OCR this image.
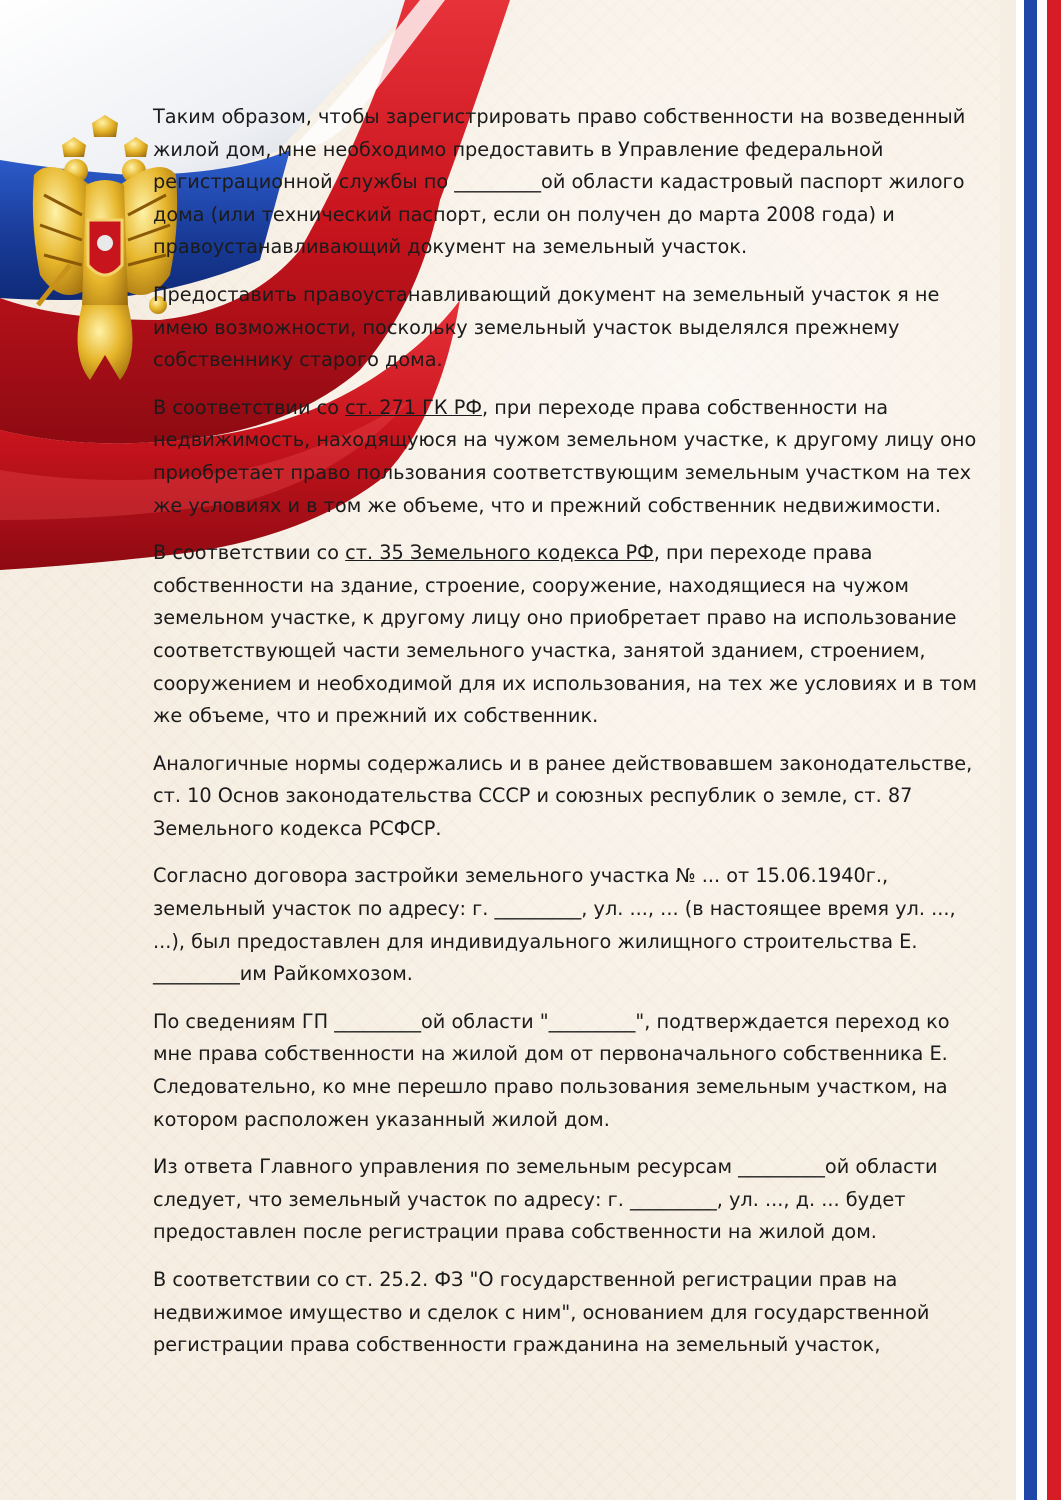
Таким образом, чтобы зарегистрировать право собственности на возведенный жилой дом, мне необходимо предоставить в Управление федеральной регистрационной службы по _________ой области кадастровый паспорт жилого дома (или технический паспорт, если он получен до марта 2008 года) и правоустанавливающий документ на земельный участок.

Предоставить правоустанавливающий документ на земельный участок я не имею возможности, поскольку земельный участок выделялся прежнему собственнику старого дома.

В соответствии со ст. 271 ГК РФ, при переходе права собственности на недвижимость, находящуюся на чужом земельном участке, к другому лицу оно приобретает право пользования соответствующим земельным участком на тех же условиях и в том же объеме, что и прежний собственник недвижимости.

В соответствии со ст. 35 Земельного кодекса РФ, при переходе права собственности на здание, строение, сооружение, находящиеся на чужом земельном участке, к другому лицу оно приобретает право на использование соответствующей части земельного участка, занятой зданием, строением, сооружением и необходимой для их использования, на тех же условиях и в том же объеме, что и прежний их собственник.

Аналогичные нормы содержались и в ранее действовавшем законодательстве, ст. 10 Основ законодательства СССР и союзных республик о земле, ст. 87 Земельного кодекса РСФСР.

Согласно договора застройки земельного участка № ... от 15.06.1940г., земельный участок по адресу: г. _________, ул. ..., ... (в настоящее время ул. ..., ...), был предоставлен для индивидуального жилищного строительства Е. _________им Райкомхозом.

По сведениям ГП _________ой области "_________", подтверждается переход ко мне права собственности на жилой дом от первоначального собственника Е. Следовательно, ко мне перешло право пользования земельным участком, на котором расположен указанный жилой дом.

Из ответа Главного управления по земельным ресурсам _________ой области следует, что земельный участок по адресу: г. _________, ул. ..., д. ... будет предоставлен после регистрации права собственности на жилой дом.

В соответствии со ст. 25.2. ФЗ "О государственной регистрации прав на недвижимое имущество и сделок с ним", основанием для государственной регистрации права собственности гражданина на земельный участок,
